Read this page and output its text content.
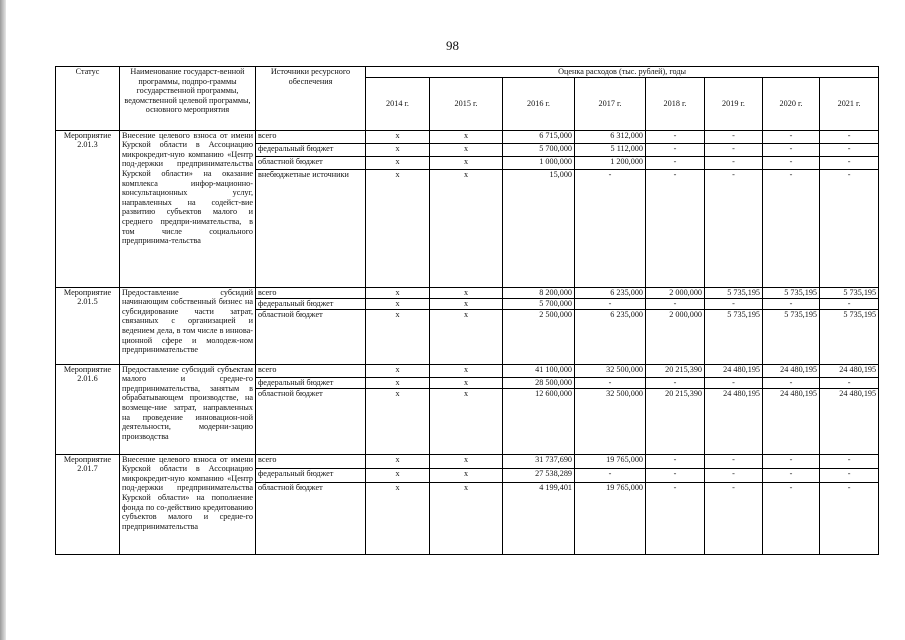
98
Статус	Наименование государст-венной программы, подпро-граммы государственной программы, ведомственной целевой программы, основного мероприятия	Источники ресурсного обеспечения	Оценка расходов (тыс. рублей), годы							
			2014 г.	2015 г.	2016 г.	2017 г.	2018 г.	2019 г.	2020 г.	2021 г.
Мероприятие 2.01.3	Внесение целевого взноса от имени Курской области в Ассоциацию микрокредит-ную компанию «Центр под-держки предпринимательства Курской области» на оказание комплекса инфор-мационно-консультационных услуг, направленных на содейст-вие развитию субъектов малого и среднего предпри-нимательства, в том числе социального предпринима-тельства	всего	х	х	6 715,000	6 312,000	-	-	-	-
		федеральный бюджет	х	х	5 700,000	5 112,000	-	-	-	-
		областной бюджет	х	х	1 000,000	1 200,000	-	-	-	-
		внебюджетные источники	х	х	15,000	-	-	-	-	-
Мероприятие 2.01.5	Предоставление субсидий начинающим собственный бизнес на субсидирование части затрат, связанных с организацией и ведением дела, в том числе в иннова-ционной сфере и молодеж-ном предпринимательстве	всего	х	х	8 200,000	6 235,000	2 000,000	5 735,195	5 735,195	5 735,195
		федеральный бюджет	х	х	5 700,000	-	-	-	-	-
		областной бюджет	х	х	2 500,000	6 235,000	2 000,000	5 735,195	5 735,195	5 735,195
Мероприятие 2.01.6	Предоставление субсидий субъектам малого и средне-го предпринимательства, занятым в обрабатывающем производстве, на возмеще-ние затрат, направленных на проведение инновацион-ной деятельности, модерни-зацию производства	всего	х	х	41 100,000	32 500,000	20 215,390	24 480,195	24 480,195	24 480,195
		федеральный бюджет	х	х	28 500,000	-	-	-	-	-
		областной бюджет	х	х	12 600,000	32 500,000	20 215,390	24 480,195	24 480,195	24 480,195
Мероприятие 2.01.7	Внесение целевого взноса от имени Курской области в Ассоциацию микрокредит-ную компанию «Центр под-держки предпринимательства Курской области» на пополнение фонда по со-действию кредитованию субъектов малого и средне-го предпринимательства	всего	х	х	31 737,690	19 765,000	-	-	-	-
		федеральный бюджет	х	х	27 538,289	-	-	-	-	-
		областной бюджет	х	х	4 199,401	19 765,000	-	-	-	-
